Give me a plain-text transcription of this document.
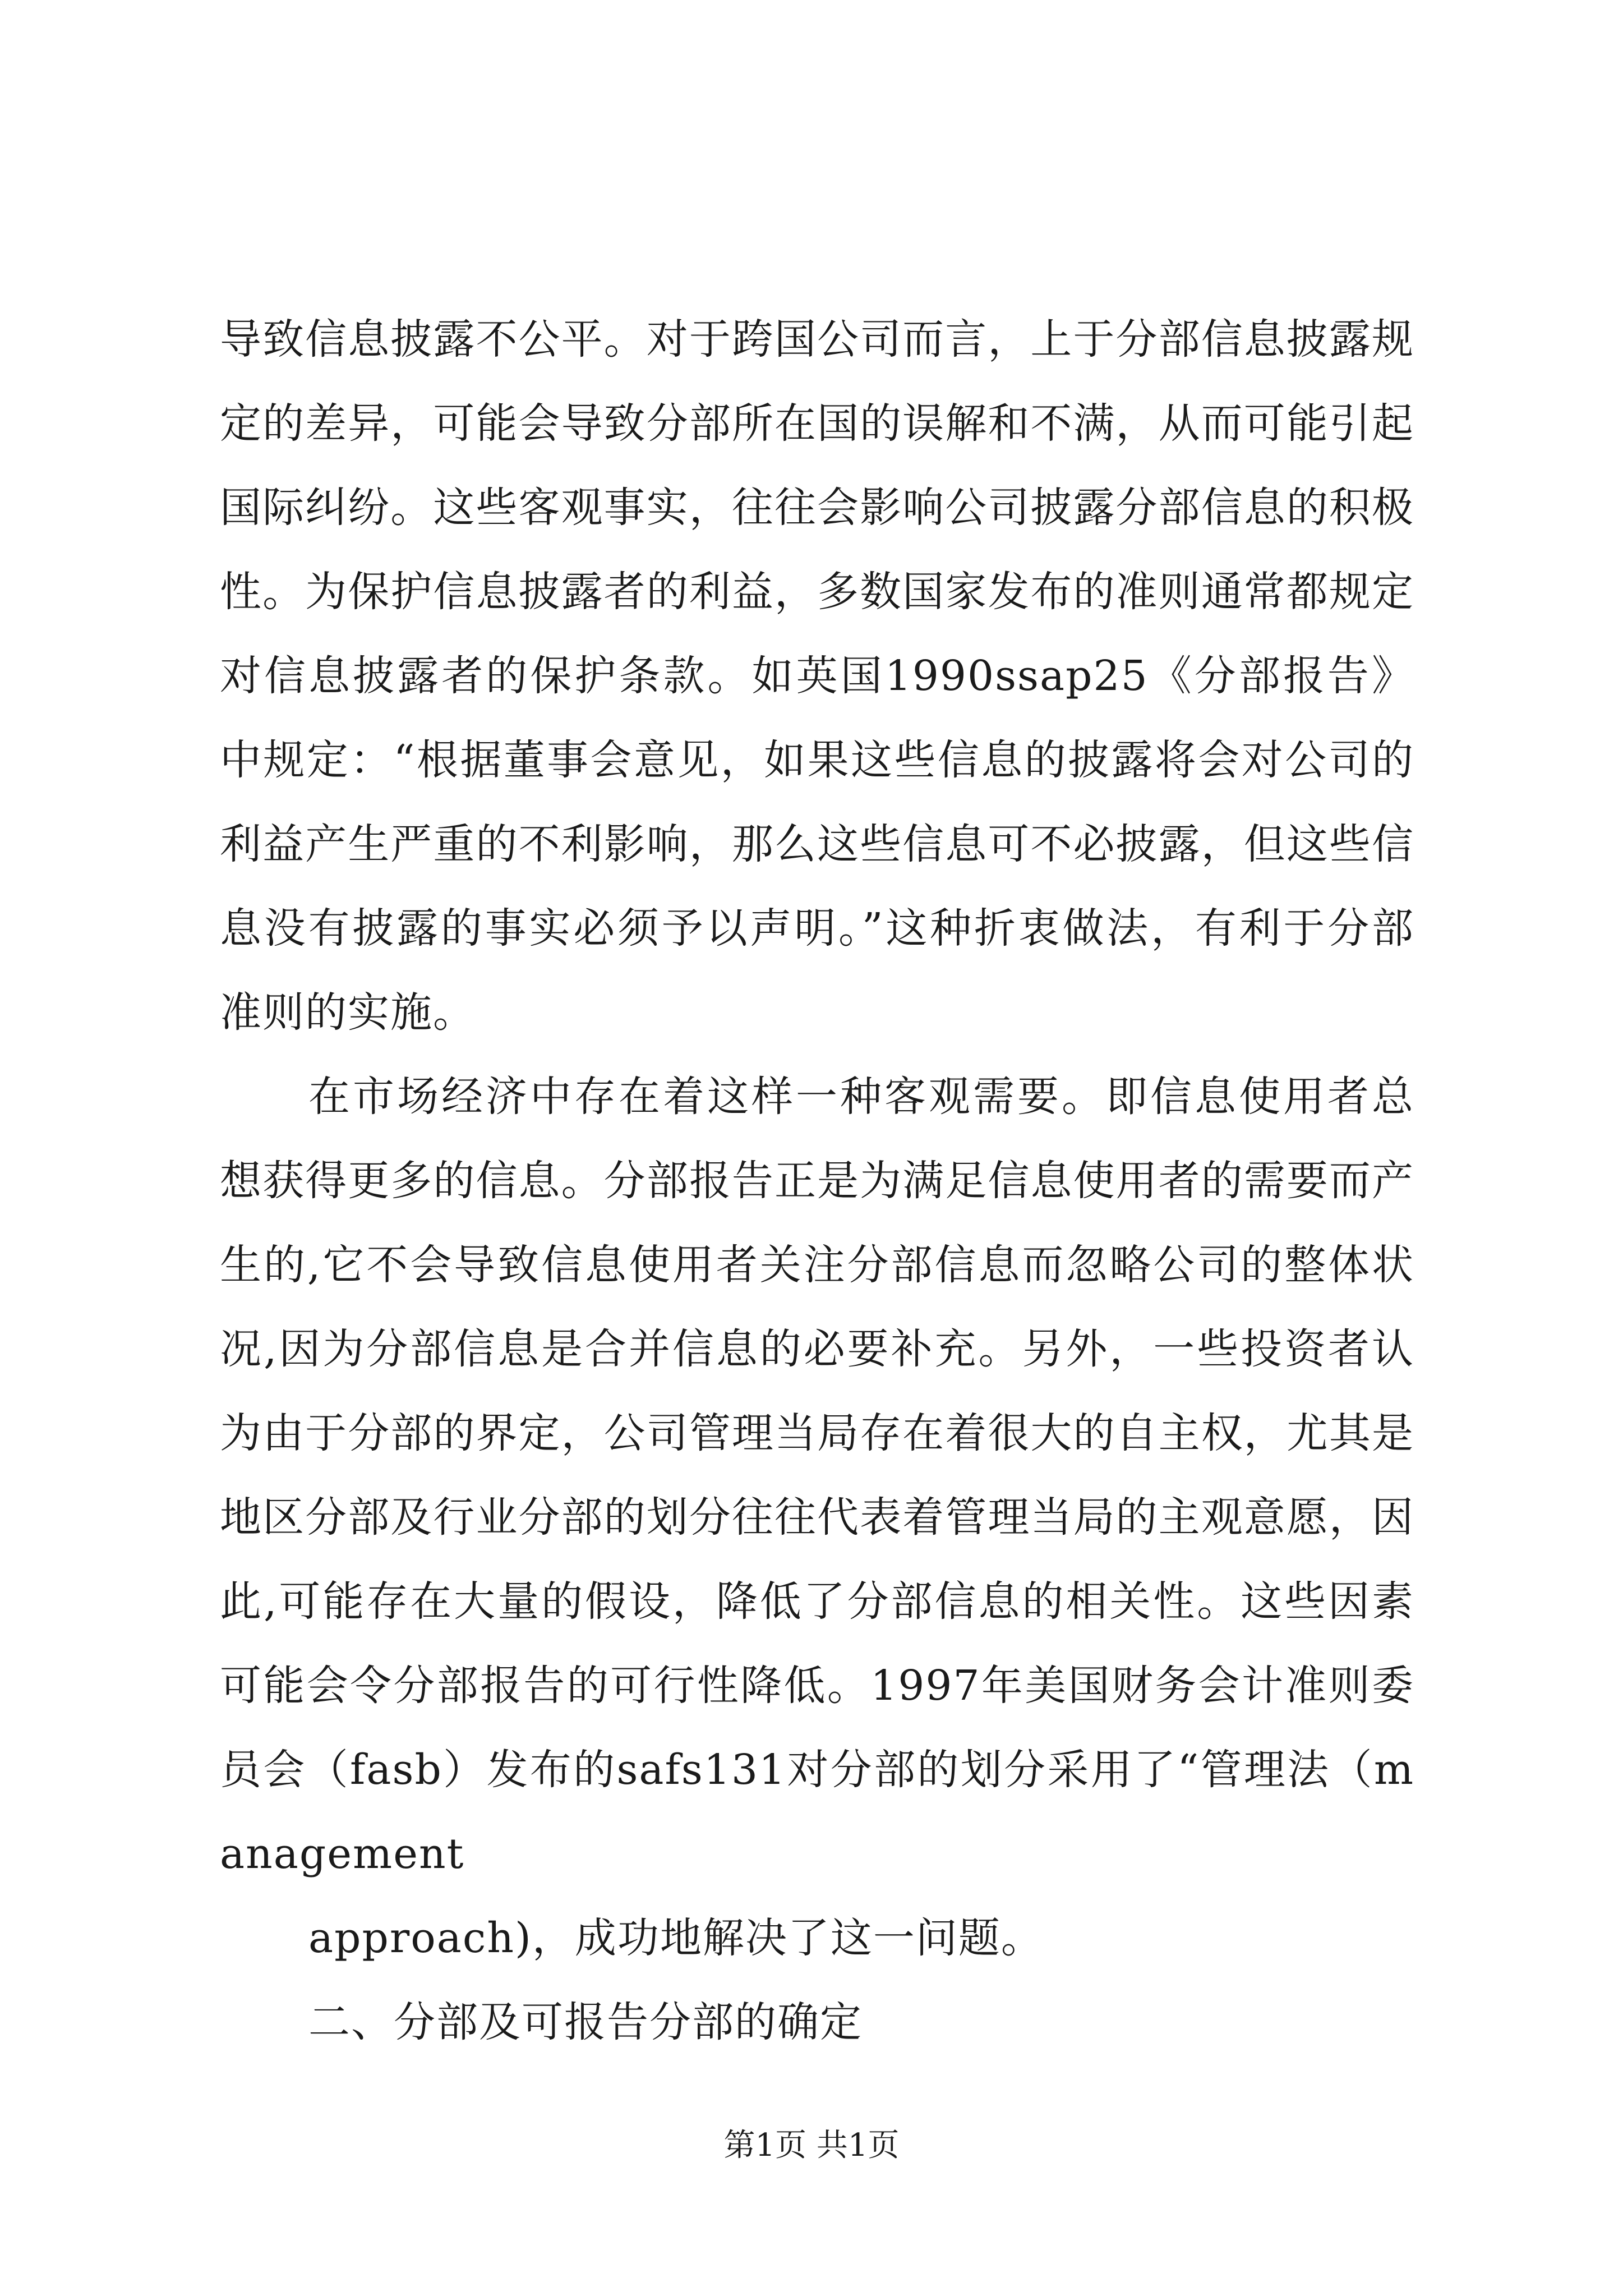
导致信息披露不公平。对于跨国公司而言，上于分部信息披露规定的差异，可能会导致分部所在国的误解和不满，从而可能引起国际纠纷。这些客观事实，往往会影响公司披露分部信息的积极性。为保护信息披露者的利益，多数国家发布的准则通常都规定对信息披露者的保护条款。如英国1990ssap25《分部报告》中规定：“根据董事会意见，如果这些信息的披露将会对公司的利益产生严重的不利影响，那么这些信息可不必披露，但这些信息没有披露的事实必须予以声明。”这种折衷做法，有利于分部准则的实施。

在市场经济中存在着这样一种客观需要。即信息使用者总想获得更多的信息。分部报告正是为满足信息使用者的需要而产生的,它不会导致信息使用者关注分部信息而忽略公司的整体状况,因为分部信息是合并信息的必要补充。另外，一些投资者认为由于分部的界定，公司管理当局存在着很大的自主权，尤其是地区分部及行业分部的划分往往代表着管理当局的主观意愿，因此,可能存在大量的假设，降低了分部信息的相关性。这些因素可能会令分部报告的可行性降低。1997年美国财务会计准则委员会（fasb）发布的safs131对分部的划分采用了“管理法（management

approach)，成功地解决了这一问题。

二、分部及可报告分部的确定

第1页 共1页
